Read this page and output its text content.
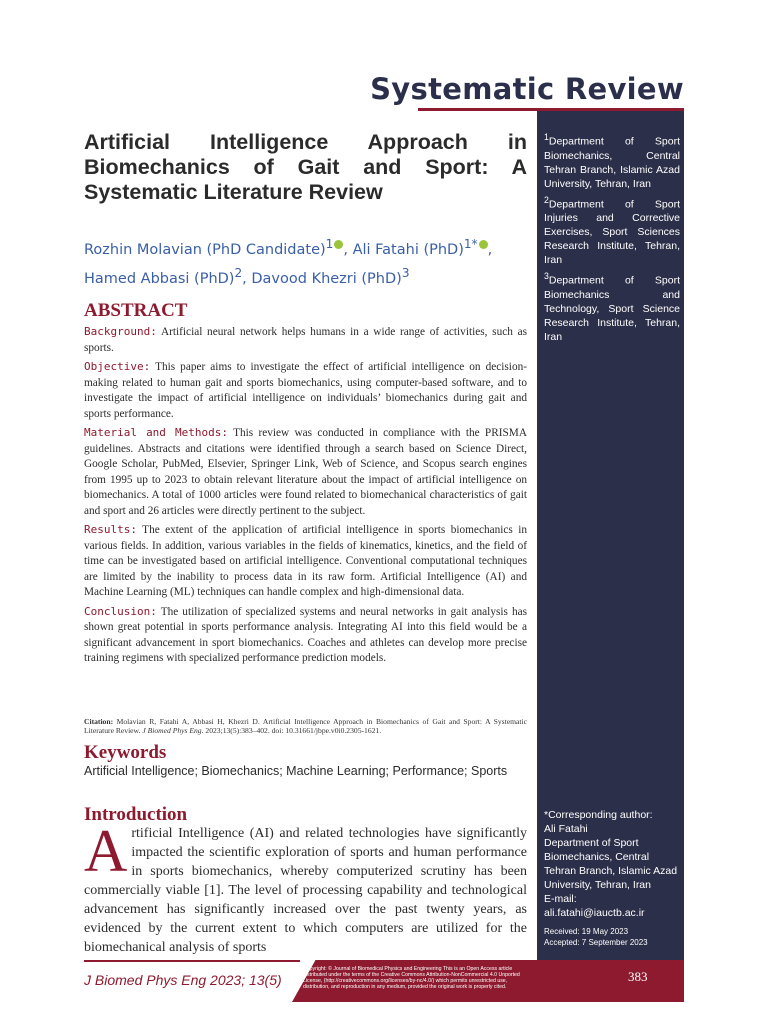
Systematic Review

$^1$Department of Sport Biomechanics, Central Tehran Branch, Islamic Azad University, Tehran, Iran

$^2$Department of Sport Injuries and Corrective Exercises, Sport Sciences Research Institute, Tehran, Iran

$^3$Department of Sport Biomechanics and Technology, Sport Science Research Institute, Tehran, Iran

*Corresponding author:

Ali Fatahi

Department of Sport Biomechanics, Central Tehran Branch, Islamic Azad University, Tehran, Iran

E-mail:

ali.fatahi@iauctb.ac.ir

Received: 19 May 2023

Accepted: 7 September 2023

Artificial Intelligence Approach in Biomechanics of Gait and Sport: A Systematic Literature Review

Rozhin Molavian (PhD Candidate)$^1$ , Ali Fatahi (PhD)$^{1*}$ , Hamed Abbasi (PhD)$^2$, Davood Khezri (PhD)$^3$

ABSTRACT

Background: Artificial neural network helps humans in a wide range of activities, such as sports.

Objective: This paper aims to investigate the effect of artificial intelligence on decision-making related to human gait and sports biomechanics, using computer-based software, and to investigate the impact of artificial intelligence on individuals’ biomechanics during gait and sports performance.

Material and Methods: This review was conducted in compliance with the PRISMA guidelines. Abstracts and citations were identified through a search based on Science Direct, Google Scholar, PubMed, Elsevier, Springer Link, Web of Science, and Scopus search engines from 1995 up to 2023 to obtain relevant literature about the impact of artificial intelligence on biomechanics. A total of 1000 articles were found related to biomechanical characteristics of gait and sport and 26 articles were directly pertinent to the subject.

Results: The extent of the application of artificial intelligence in sports biomechanics in various fields. In addition, various variables in the fields of kinematics, kinetics, and the field of time can be investigated based on artificial intelligence. Conventional computational techniques are limited by the inability to process data in its raw form. Artificial Intelligence (AI) and Machine Learning (ML) techniques can handle complex and high-dimensional data.

Conclusion: The utilization of specialized systems and neural networks in gait analysis has shown great potential in sports performance analysis. Integrating AI into this field would be a significant advancement in sport biomechanics. Coaches and athletes can develop more precise training regimens with specialized performance prediction models.

Citation: Molavian R, Fatahi A, Abbasi H, Khezri D. Artificial Intelligence Approach in Biomechanics of Gait and Sport: A Systematic Literature Review. J Biomed Phys Eng. 2023;13(5):383–402. doi: 10.31661/jbpe.v0i0.2305-1621.
Keywords

Artificial Intelligence; Biomechanics; Machine Learning; Performance; Sports

Introduction

Artificial Intelligence (AI) and related technologies have significantly impacted the scientific exploration of sports and human performance in sports biomechanics, whereby computerized scrutiny has been commercially viable [1]. The level of processing capability and technological advancement has significantly increased over the past twenty years, as evidenced by the current extent to which computers are utilized for the biomechanical analysis of sports

J Biomed Phys Eng 2023; 13(5)

Copyright: © Journal of Biomedical Physics and Engineering This is an Open Access article distributed under the terms of the Creative Commons Attribution-NonCommercial 4.0 Unported License, (http://creativecommons.org/licenses/by-nc/4.0/) which permits unrestricted use, distribution, and reproduction in any medium, provided the original work is properly cited.

383
